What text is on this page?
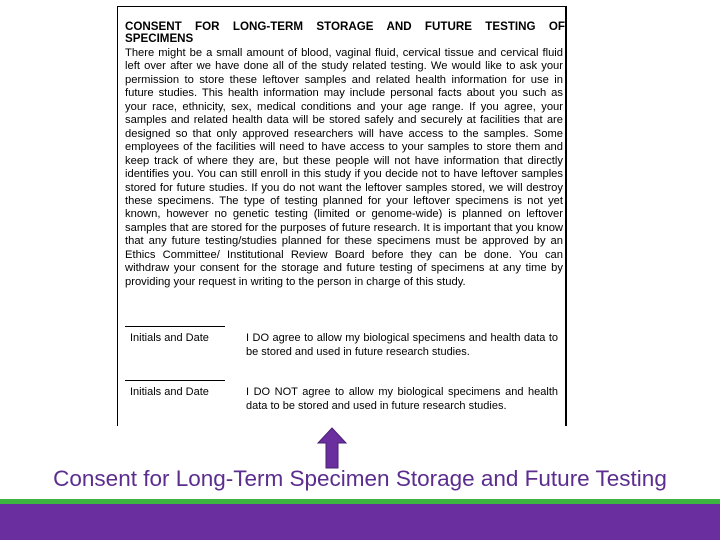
CONSENT FOR LONG-TERM STORAGE AND FUTURE TESTING OF
SPECIMENS
There might be a small amount of blood, vaginal fluid, cervical tissue and cervical fluid left over after we have done all of the study related testing. We would like to ask your permission to store these leftover samples and related health information for use in future studies. This health information may include personal facts about you such as your race, ethnicity, sex, medical conditions and your age range. If you agree, your samples and related health data will be stored safely and securely at facilities that are designed so that only approved researchers will have access to the samples. Some employees of the facilities will need to have access to your samples to store them and keep track of where they are, but these people will not have information that directly identifies you. You can still enroll in this study if you decide not to have leftover samples stored for future studies. If you do not want the leftover samples stored, we will destroy these specimens. The type of testing planned for your leftover specimens is not yet known, however no genetic testing (limited or genome-wide) is planned on leftover samples that are stored for the purposes of future research. It is important that you know that any future testing/studies planned for these specimens must be approved by an Ethics Committee/ Institutional Review Board before they can be done. You can withdraw your consent for the storage and future testing of specimens at any time by providing your request in writing to the person in charge of this study.
Initials and Date	I DO agree to allow my biological specimens and health data to be stored and used in future research studies.
Initials and Date	I DO NOT agree to allow my biological specimens and health data to be stored and used in future research studies.
Consent for Long-Term Specimen Storage and Future Testing
